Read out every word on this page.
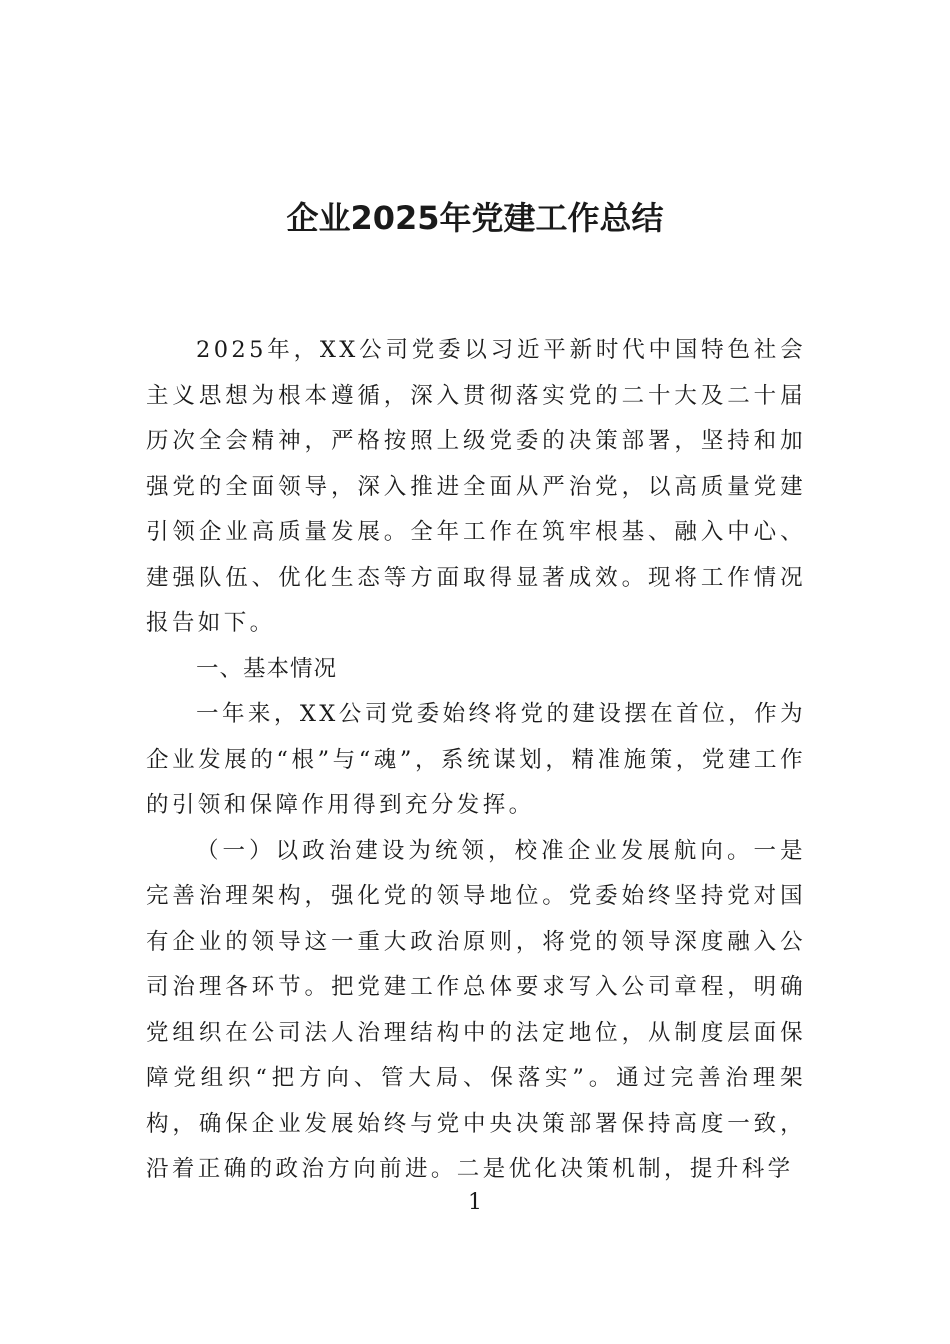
企业2025年党建工作总结

2025年，XX公司党委以习近平新时代中国特色社会主义思想为根本遵循，深入贯彻落实党的二十大及二十届历次全会精神，严格按照上级党委的决策部署，坚持和加强党的全面领导，深入推进全面从严治党，以高质量党建引领企业高质量发展。全年工作在筑牢根基、融入中心、建强队伍、优化生态等方面取得显著成效。现将工作情况报告如下。

一、基本情况

一年来，XX公司党委始终将党的建设摆在首位，作为企业发展的“根”与“魂”，系统谋划，精准施策，党建工作的引领和保障作用得到充分发挥。

（一）以政治建设为统领，校准企业发展航向。一是完善治理架构，强化党的领导地位。党委始终坚持党对国有企业的领导这一重大政治原则，将党的领导深度融入公司治理各环节。把党建工作总体要求写入公司章程，明确党组织在公司法人治理结构中的法定地位，从制度层面保障党组织“把方向、管大局、保落实”。通过完善治理架构，确保企业发展始终与党中央决策部署保持高度一致，沿着正确的政治方向前进。二是优化决策机制，提升科学

1
